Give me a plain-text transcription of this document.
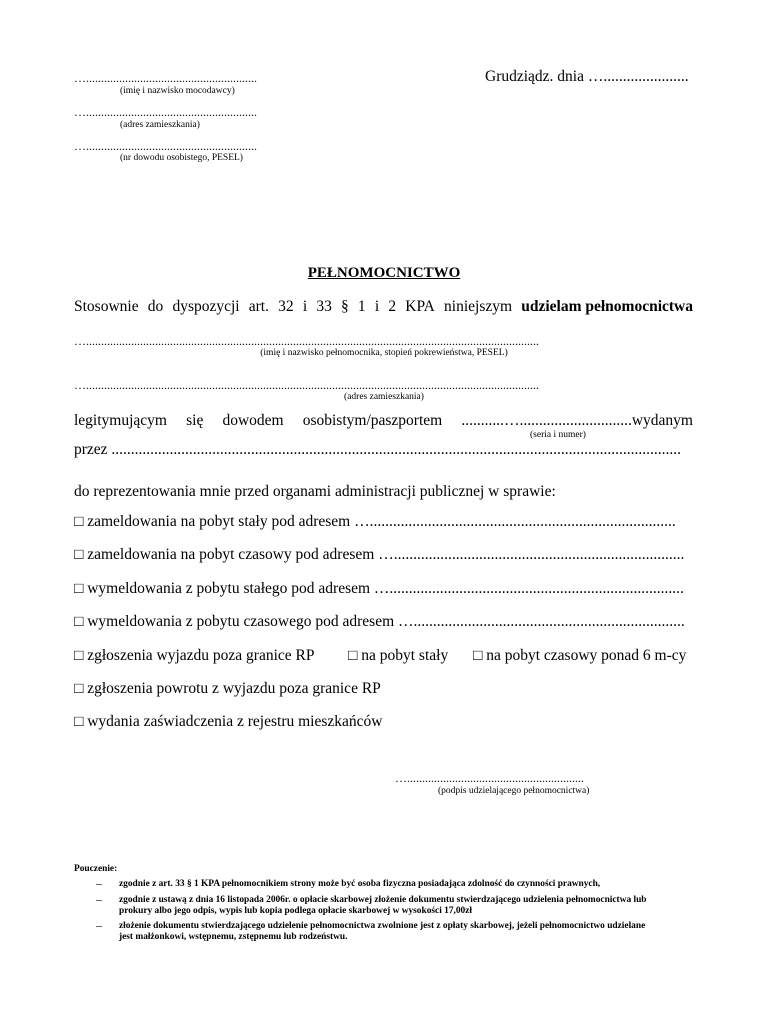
….........................................................
(imię i nazwisko mocodawcy)
….........................................................
(adres zamieszkania)
….........................................................
(nr dowodu osobistego, PESEL)
Grudziądz. dnia …......................
PEŁNOMOCNICTWO
Stosownie do dyspozycji art. 32 i 33 § 1 i 2 KPA niniejszym udzielam pełnomocnictwa
….......................................................................................................................................................
(imię i nazwisko pełnomocnika, stopień pokrewieństwa, PESEL)
….......................................................................................................................................................
(adres zamieszkania)
legitymującym się dowodem osobistym/paszportem ...........….............................wydanym
(seria i numer)
przez ...................................................................................................................................................
do reprezentowania mnie przed organami administracji publicznej w sprawie:
□ zameldowania na pobyt stały pod adresem …...............................................................................
□ zameldowania na pobyt czasowy pod adresem …...........................................................................
□ wymeldowania z pobytu stałego pod adresem …............................................................................
□ wymeldowania z pobytu czasowego pod adresem …......................................................................
□ zgłoszenia wyjazdu poza granice RP □ na pobyt stały □ na pobyt czasowy ponad 6 m-cy
□ zgłoszenia powrotu z wyjazdu poza granice RP
□ wydania zaświadczenia z rejestru mieszkańców
…...........................................................
(podpis udzielającego pełnomocnictwa)
Pouczenie:
– zgodnie z art. 33 § 1 KPA pełnomocnikiem strony może być osoba fizyczna posiadająca zdolność do czynności prawnych,
– zgodnie z ustawą z dnia 16 listopada 2006r. o opłacie skarbowej złożenie dokumentu stwierdzającego udzielenia pełnomocnictwa lub
prokury albo jego odpis, wypis lub kopia podlega opłacie skarbowej w wysokości 17,00zł
– złożenie dokumentu stwierdzającego udzielenie pełnomocnictwa zwolnione jest z opłaty skarbowej, jeżeli pełnomocnictwo udzielane
jest małżonkowi, wstępnemu, zstępnemu lub rodzeństwu.
